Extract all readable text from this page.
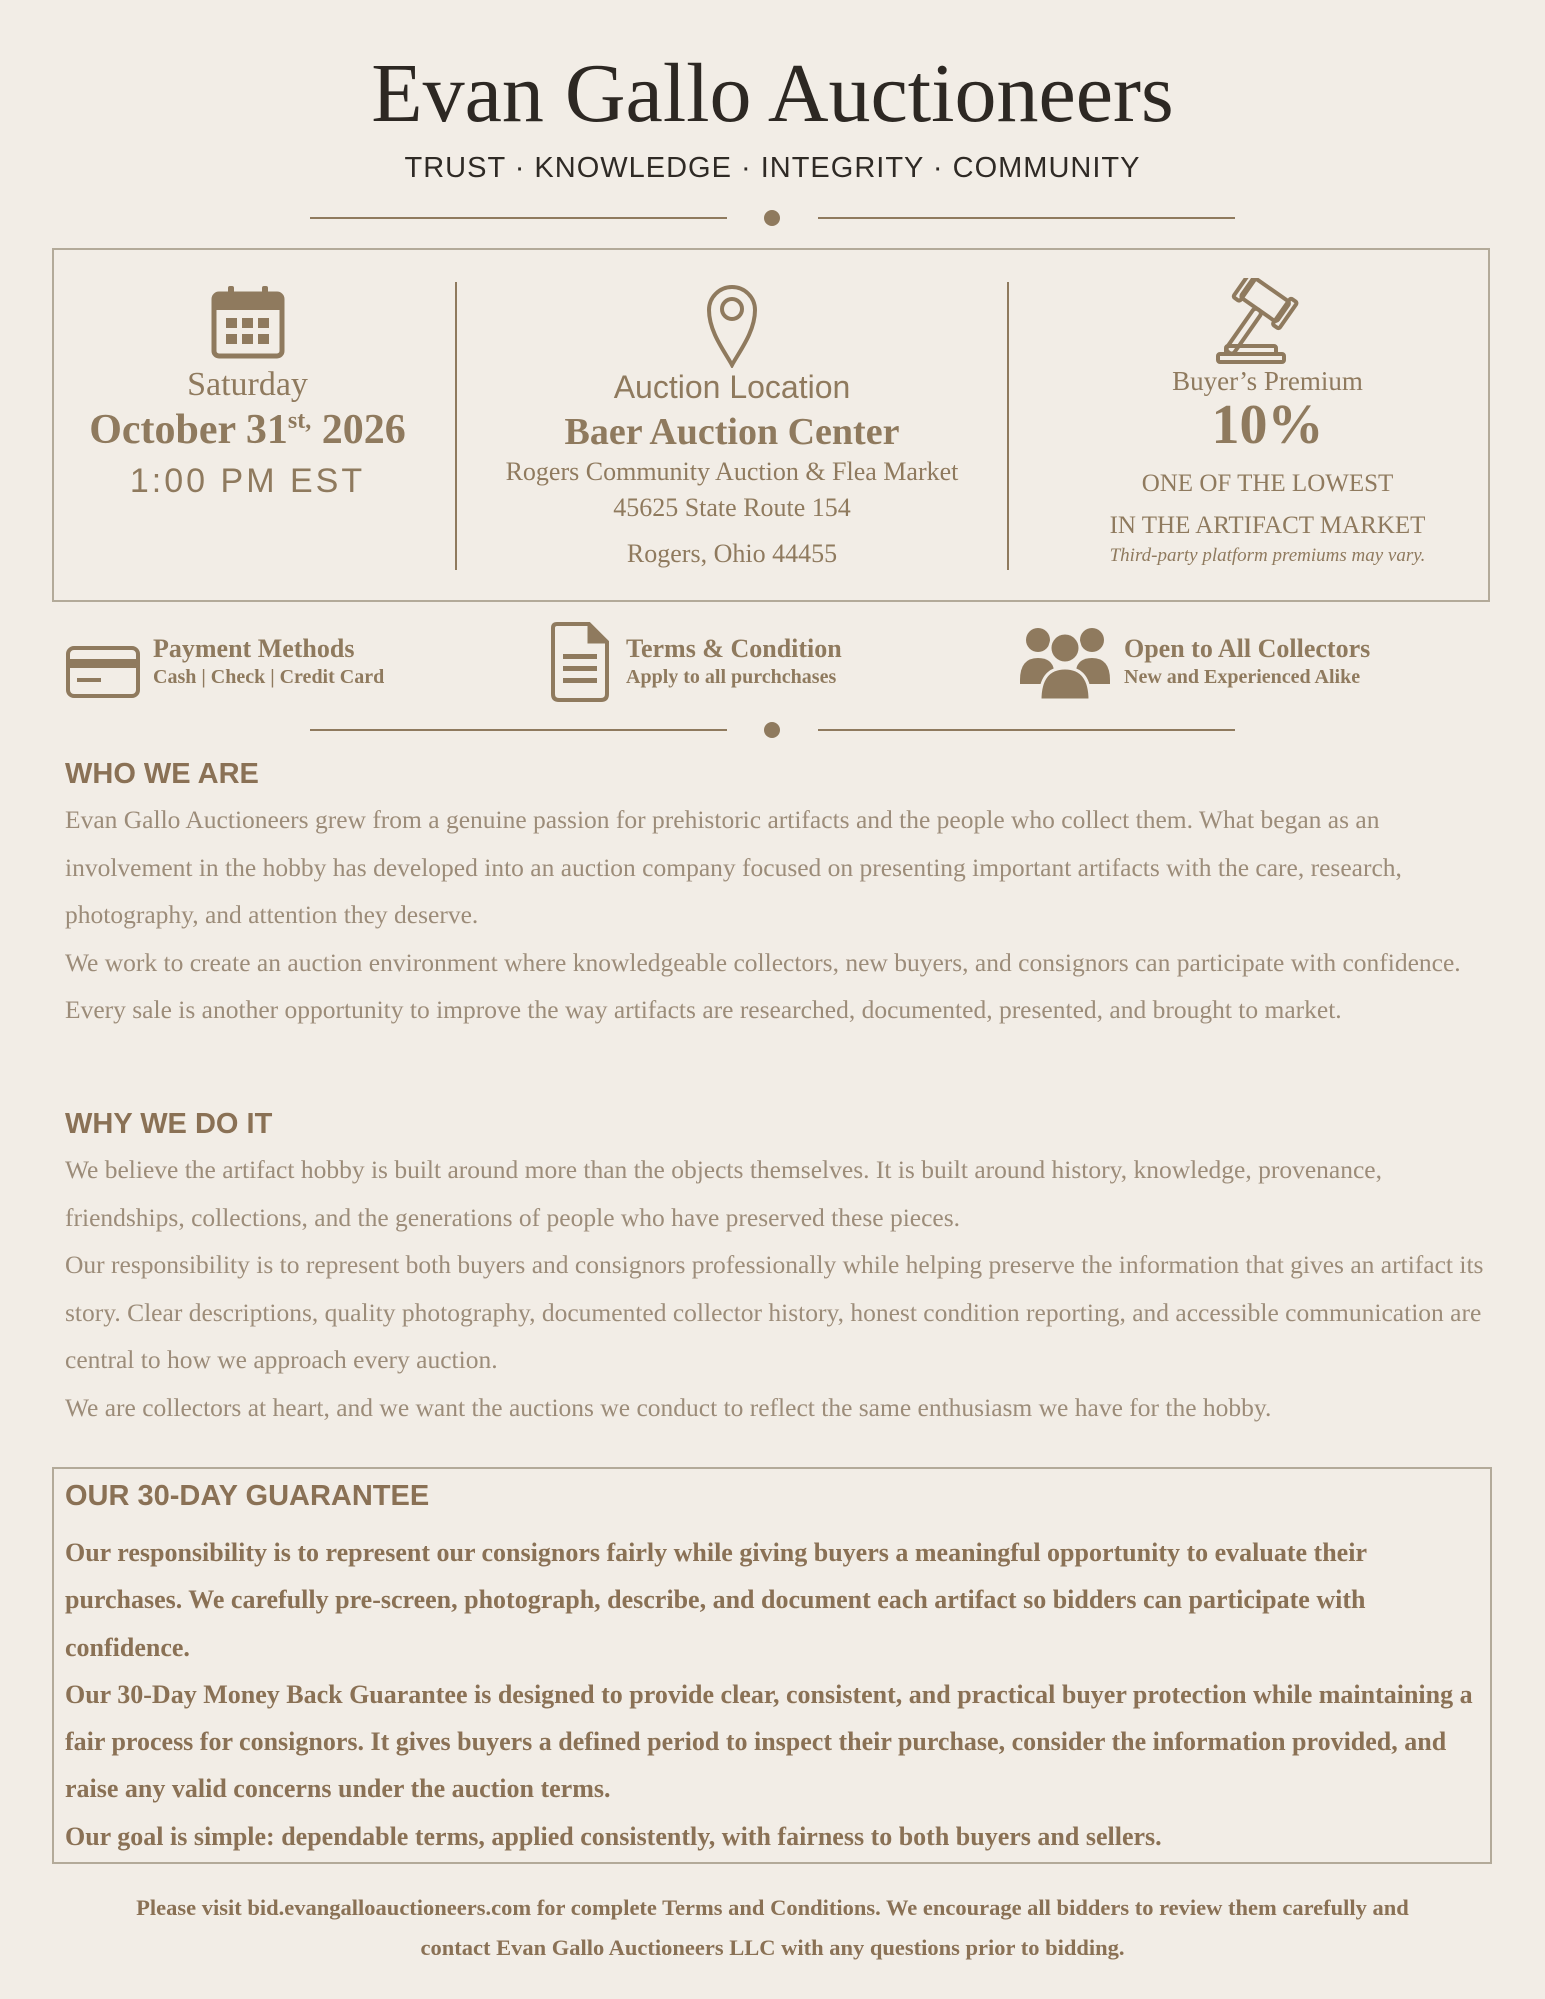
Evan Gallo Auctioneers
TRUST · KNOWLEDGE · INTEGRITY · COMMUNITY
Saturday
October $31^{st,}$ 2026
1:00 PM EST
Auction Location
Baer Auction Center
Rogers Community Auction & Flea Market
45625 State Route 154
Rogers, Ohio 44455
Buyer’s Premium
10%
ONE OF THE LOWEST
IN THE ARTIFACT MARKET
Third-party platform premiums may vary.
Payment Methods
Cash | Check | Credit Card
Terms & Condition
Apply to all purchchases
Open to All Collectors
New and Experienced Alike
WHO WE ARE

Evan Gallo Auctioneers grew from a genuine passion for prehistoric artifacts and the people who collect them. What began as an involvement in the hobby has developed into an auction company focused on presenting important artifacts with the care, research, photography, and attention they deserve.

We work to create an auction environment where knowledgeable collectors, new buyers, and consignors can participate with confidence. Every sale is another opportunity to improve the way artifacts are researched, documented, presented, and brought to market.

WHY WE DO IT

We believe the artifact hobby is built around more than the objects themselves. It is built around history, knowledge, provenance, friendships, collections, and the generations of people who have preserved these pieces.

Our responsibility is to represent both buyers and consignors professionally while helping preserve the information that gives an artifact its story. Clear descriptions, quality photography, documented collector history, honest condition reporting, and accessible communication are central to how we approach every auction.

We are collectors at heart, and we want the auctions we conduct to reflect the same enthusiasm we have for the hobby.

OUR 30-DAY GUARANTEE

Our responsibility is to represent our consignors fairly while giving buyers a meaningful opportunity to evaluate their purchases. We carefully pre-screen, photograph, describe, and document each artifact so bidders can participate with confidence.

Our 30-Day Money Back Guarantee is designed to provide clear, consistent, and practical buyer protection while maintaining a fair process for consignors. It gives buyers a defined period to inspect their purchase, consider the information provided, and raise any valid concerns under the auction terms.

Our goal is simple: dependable terms, applied consistently, with fairness to both buyers and sellers.

Please visit bid.evangalloauctioneers.com for complete Terms and Conditions. We encourage all bidders to review them carefully and
contact Evan Gallo Auctioneers LLC with any questions prior to bidding.
